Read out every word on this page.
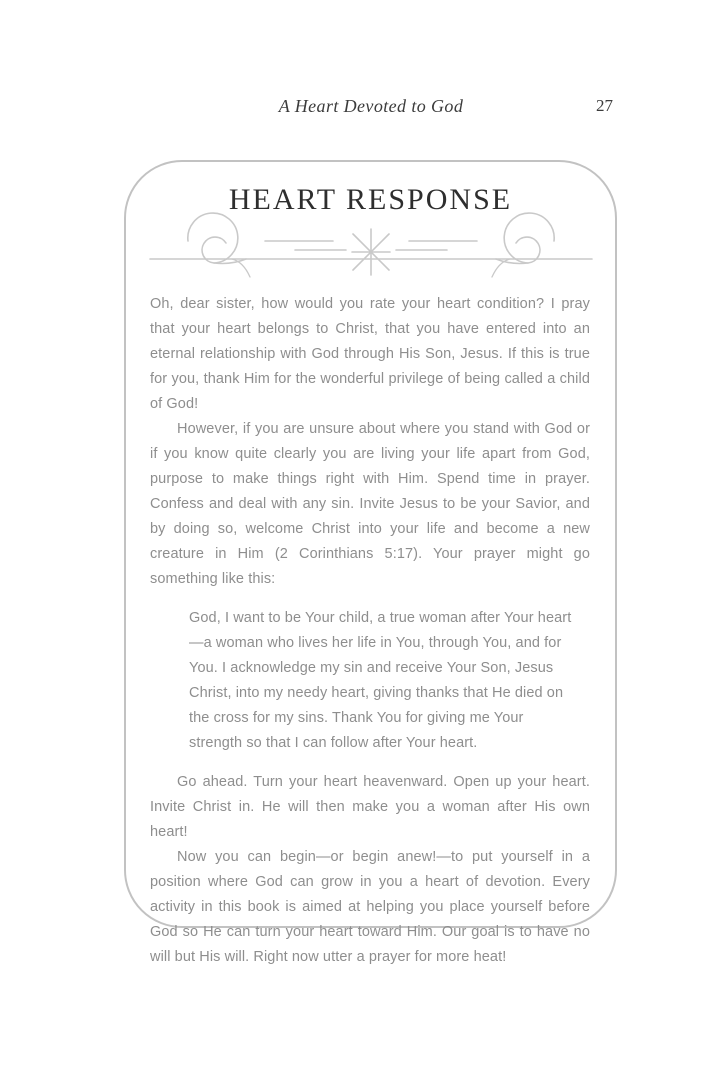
A Heart Devoted to God	27
HEART RESPONSE

Oh, dear sister, how would you rate your heart condition? I pray that your heart belongs to Christ, that you have entered into an eternal relationship with God through His Son, Jesus. If this is true for you, thank Him for the wonderful privilege of being called a child of God!

However, if you are unsure about where you stand with God or if you know quite clearly you are living your life apart from God, purpose to make things right with Him. Spend time in prayer. Confess and deal with any sin. Invite Jesus to be your Savior, and by doing so, welcome Christ into your life and become a new creature in Him (2 Corinthians 5:17). Your prayer might go something like this:

God, I want to be Your child, a true woman after Your heart—a woman who lives her life in You, through You, and for You. I acknowledge my sin and receive Your Son, Jesus Christ, into my needy heart, giving thanks that He died on the cross for my sins. Thank You for giving me Your strength so that I can follow after Your heart.

Go ahead. Turn your heart heavenward. Open up your heart. Invite Christ in. He will then make you a woman after His own heart!

Now you can begin—or begin anew!—to put yourself in a position where God can grow in you a heart of devotion. Every activity in this book is aimed at helping you place yourself before God so He can turn your heart toward Him. Our goal is to have no will but His will. Right now utter a prayer for more heat!
